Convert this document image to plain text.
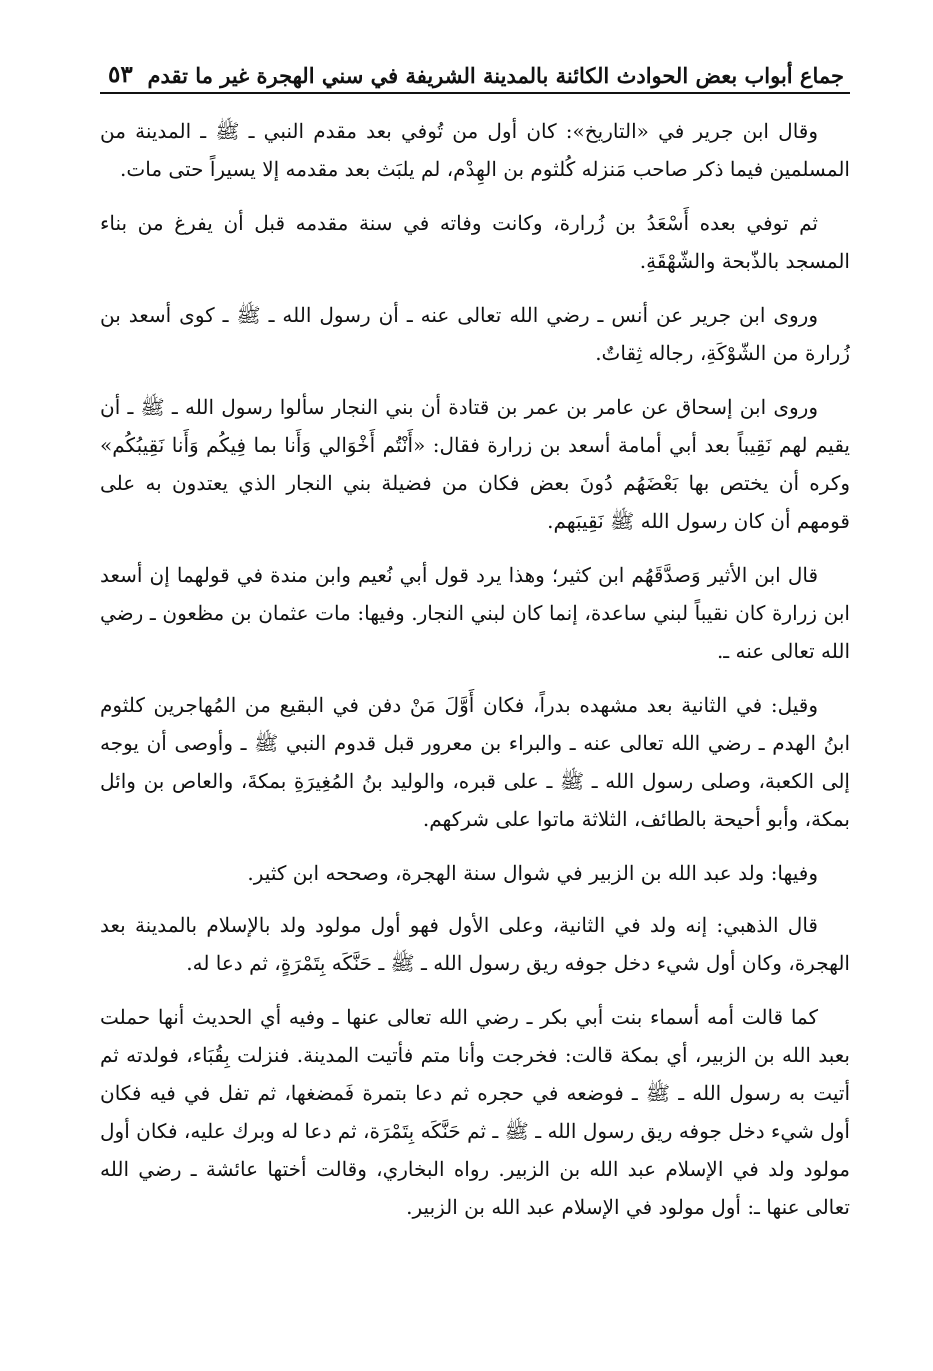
جماع أبواب بعض الحوادث الكائنة بالمدينة الشريفة في سني الهجرة غير ما تقدم
٥٣

وقال ابن جرير في «التاريخ»: كان أول من تُوفي بعد مقدم النبي ـ ﷺ ـ المدينة من المسلمين فيما ذكر صاحب مَنزله كُلثوم بن الهِدْم، لم يلبَث بعد مقدمه إلا يسيراً حتى مات.

ثم توفي بعده أَسْعَدُ بن زُرارة، وكانت وفاته في سنة مقدمه قبل أن يفرغ من بناء المسجد بالذّبحة والشّهْقَةِ.

وروى ابن جرير عن أنس ـ رضي الله تعالى عنه ـ أن رسول الله ـ ﷺ ـ كوى أسعد بن زُرارة من الشّوْكَةِ، رجاله ثِقاتٌ.

وروى ابن إسحاق عن عامر بن عمر بن قتادة أن بني النجار سألوا رسول الله ـ ﷺ ـ أن يقيم لهم نَقِيباً بعد أبي أمامة أسعد بن زرارة فقال: «أَنْتُم أَخْوَالي وَأَنا بما فِيكُم وَأَنا نَقِيبُكُم» وكره أن يختص بها بَعْضَهُم دُونَ بعض فكان من فضيلة بني النجار الذي يعتدون به على قومهم أن كان رسول الله ﷺ نَقِيبَهم.

قال ابن الأثير وَصدَّقَهُم ابن كثير؛ وهذا يرد قول أبي نُعيم وابن مندة في قولهما إن أسعد ابن زرارة كان نقيباً لبني ساعدة، إنما كان لبني النجار. وفيها: مات عثمان بن مظعون ـ رضي الله تعالى عنه ـ.

وقيل: في الثانية بعد مشهده بدراً، فكان أَوَّلَ مَنْ دفن في البقيع من المُهاجرين كلثوم ابنُ الهدم ـ رضي الله تعالى عنه ـ والبراء بن معرور قبل قدوم النبي ﷺ ـ وأوصى أن يوجه إلى الكعبة، وصلى رسول الله ـ ﷺ ـ على قبره، والوليد بنُ المُغِيرَةِ بمكةَ، والعاص بن وائل بمكة، وأبو أحيحة بالطائف، الثلاثة ماتوا على شركهم.

وفيها: ولد عبد الله بن الزبير في شوال سنة الهجرة، وصححه ابن كثير.

قال الذهبي: إنه ولد في الثانية، وعلى الأول فهو أول مولود ولد بالإسلام بالمدينة بعد الهجرة، وكان أول شيء دخل جوفه ريق رسول الله ـ ﷺ ـ حَنَّكَه بِتَمْرَةٍ، ثم دعا له.

كما قالت أمه أسماء بنت أبي بكر ـ رضي الله تعالى عنها ـ وفيه أي الحديث أنها حملت بعبد الله بن الزبير، أي بمكة قالت: فخرجت وأنا متم فأتيت المدينة. فنزلت بِقُبَاء، فولدته ثم أتيت به رسول الله ـ ﷺ ـ فوضعه في حجره ثم دعا بتمرة فَمضغها، ثم تفل في فيه فكان أول شيء دخل جوفه ريق رسول الله ـ ﷺ ـ ثم حَنَّكَه بِتَمْرَة، ثم دعا له وبرك عليه، فكان أول مولود ولد في الإسلام عبد الله بن الزبير. رواه البخاري، وقالت أختها عائشة ـ رضي الله تعالى عنها ـ: أول مولود في الإسلام عبد الله بن الزبير.
